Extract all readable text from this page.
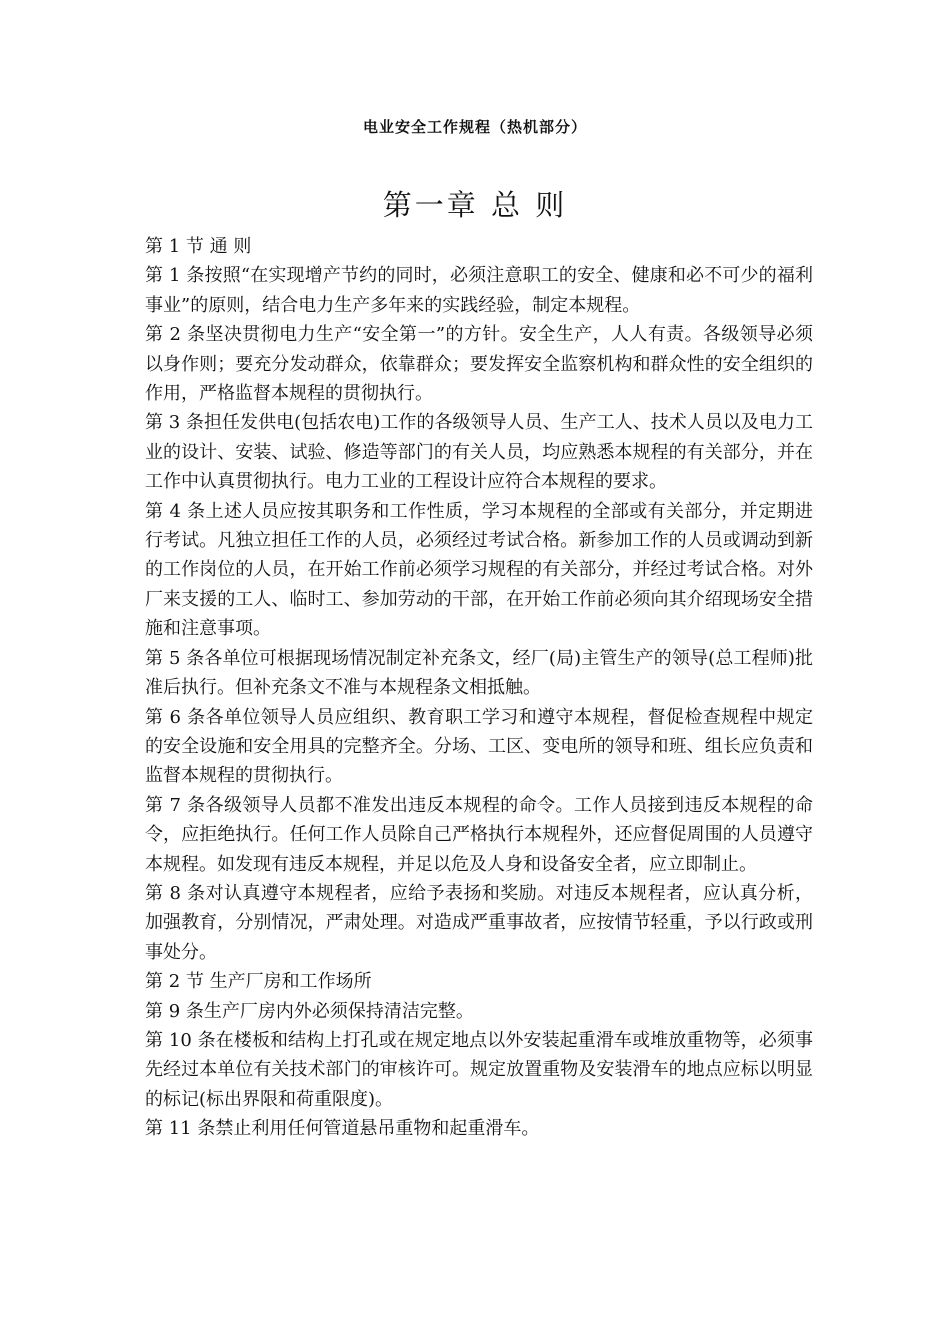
电业安全工作规程（热机部分）
第一章 总 则

第 1 节 通 则

第 1 条按照“在实现增产节约的同时，必须注意职工的安全、健康和必不可少的福利事业”的原则，结合电力生产多年来的实践经验，制定本规程。

第 2 条坚决贯彻电力生产“安全第一”的方针。安全生产，人人有责。各级领导必须以身作则；要充分发动群众，依靠群众；要发挥安全监察机构和群众性的安全组织的作用，严格监督本规程的贯彻执行。

第 3 条担任发供电(包括农电)工作的各级领导人员、生产工人、技术人员以及电力工业的设计、安装、试验、修造等部门的有关人员，均应熟悉本规程的有关部分，并在工作中认真贯彻执行。电力工业的工程设计应符合本规程的要求。

第 4 条上述人员应按其职务和工作性质，学习本规程的全部或有关部分，并定期进行考试。凡独立担任工作的人员，必须经过考试合格。新参加工作的人员或调动到新的工作岗位的人员，在开始工作前必须学习规程的有关部分，并经过考试合格。对外厂来支援的工人、临时工、参加劳动的干部，在开始工作前必须向其介绍现场安全措施和注意事项。

第 5 条各单位可根据现场情况制定补充条文，经厂(局)主管生产的领导(总工程师)批准后执行。但补充条文不准与本规程条文相抵触。

第 6 条各单位领导人员应组织、教育职工学习和遵守本规程，督促检查规程中规定的安全设施和安全用具的完整齐全。分场、工区、变电所的领导和班、组长应负责和监督本规程的贯彻执行。

第 7 条各级领导人员都不准发出违反本规程的命令。工作人员接到违反本规程的命令，应拒绝执行。任何工作人员除自己严格执行本规程外，还应督促周围的人员遵守本规程。如发现有违反本规程，并足以危及人身和设备安全者，应立即制止。

第 8 条对认真遵守本规程者，应给予表扬和奖励。对违反本规程者，应认真分析，加强教育，分别情况，严肃处理。对造成严重事故者，应按情节轻重，予以行政或刑事处分。

第 2 节 生产厂房和工作场所

第 9 条生产厂房内外必须保持清洁完整。

第 10 条在楼板和结构上打孔或在规定地点以外安装起重滑车或堆放重物等，必须事先经过本单位有关技术部门的审核许可。规定放置重物及安装滑车的地点应标以明显的标记(标出界限和荷重限度)。

第 11 条禁止利用任何管道悬吊重物和起重滑车。
